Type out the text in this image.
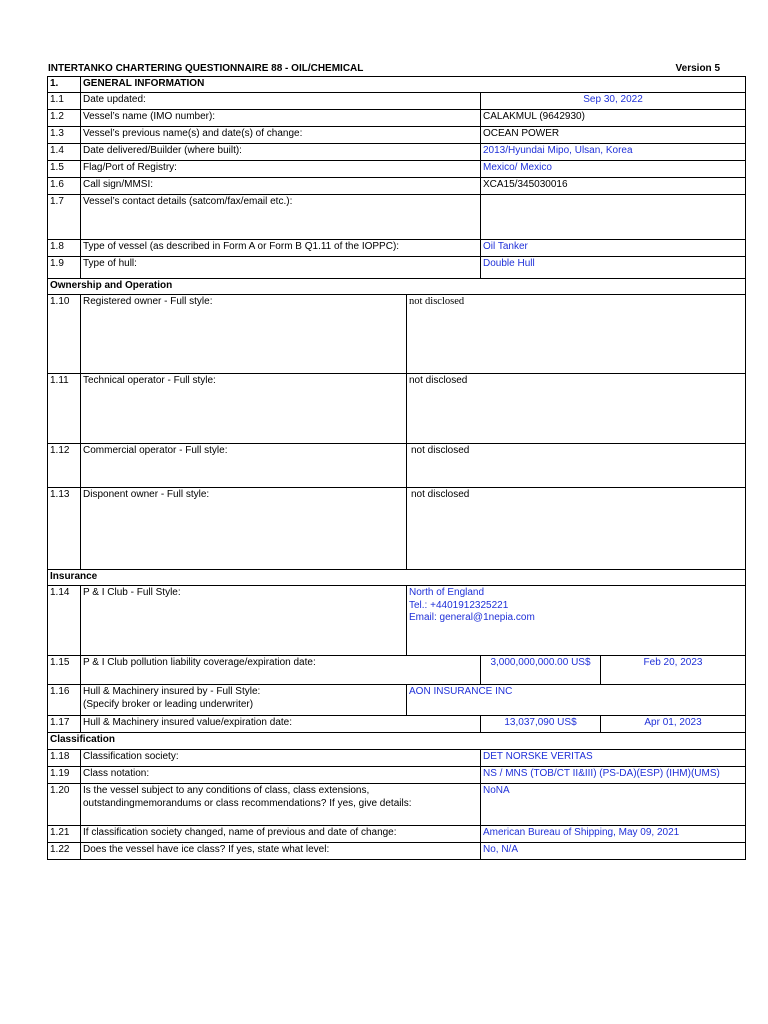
INTERTANKO CHARTERING QUESTIONNAIRE 88 - OIL/CHEMICAL	Version 5
1.	GENERAL INFORMATION			
1.1	Date updated:		Sep 30, 2022	
1.2	Vessel’s name (IMO number):		CALAKMUL (9642930)	
1.3	Vessel’s previous name(s) and date(s) of change:		OCEAN POWER	
1.4	Date delivered/Builder (where built):		2013/Hyundai Mipo, Ulsan, Korea	
1.5	Flag/Port of Registry:		Mexico/ Mexico	
1.6	Call sign/MMSI:		XCA15/345030016	
1.7	Vessel’s contact details (satcom/fax/email etc.):			
1.8	Type of vessel (as described in Form A or Form B Q1.11 of the IOPPC):		Oil Tanker	
1.9	Type of hull:		Double Hull	
Ownership and Operation				
1.10	Registered owner - Full style:	not disclosed		
1.11	Technical operator - Full style:	not disclosed		
1.12	Commercial operator - Full style:	not disclosed		
1.13	Disponent owner - Full style:	not disclosed		
Insurance				
1.14	P & I Club - Full Style:	North of England
Tel.: +4401912325221
Email: general@1nepia.com		

1.15	P & I Club pollution liability coverage/expiration date:		3,000,000,000.00 US$	Feb 20, 2023
1.16	Hull & Machinery insured by - Full Style:
(Specify broker or leading underwriter)	AON INSURANCE INC		
1.17	Hull & Machinery insured value/expiration date:		13,037,090 US$	Apr 01, 2023
Classification				
1.18	Classification society:		DET NORSKE VERITAS	
1.19	Class notation:		NS / MNS (TOB/CT II&III) (PS-DA)(ESP) (IHM)(UMS)	
1.20	Is the vessel subject to any conditions of class, class extensions, outstandingmemorandums or class recommendations? If yes, give details:		NoNA	
1.21	If classification society changed, name of previous and date of change:		American Bureau of Shipping, May 09, 2021	
1.22	Does the vessel have ice class? If yes, state what level:		No, N/A	
